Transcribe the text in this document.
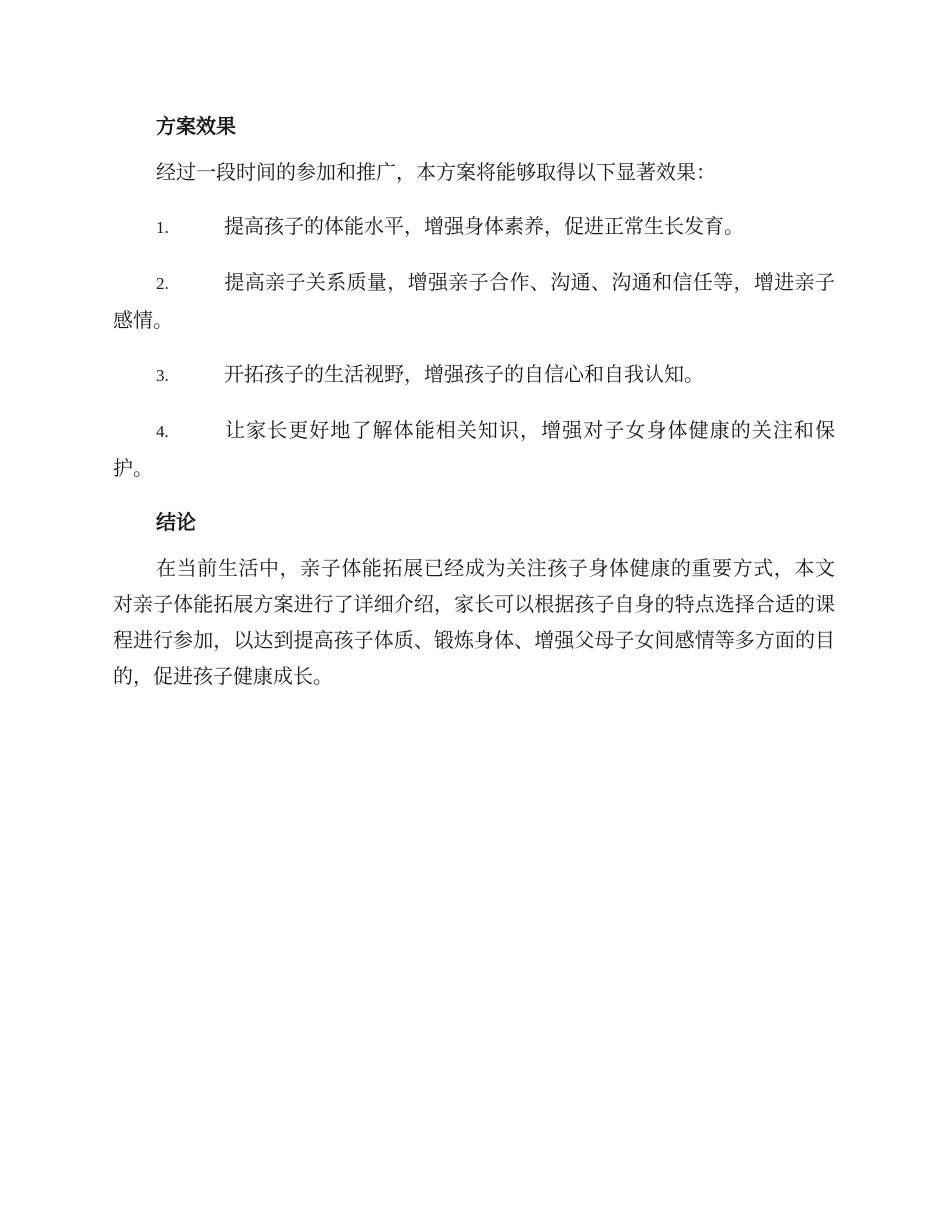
方案效果

经过一段时间的参加和推广，本方案将能够取得以下显著效果：

1.	提高孩子的体能水平，增强身体素养，促进正常生长发育。

2.	提高亲子关系质量，增强亲子合作、沟通、沟通和信任等，增进亲子感情。

3.	开拓孩子的生活视野，增强孩子的自信心和自我认知。

4.	让家长更好地了解体能相关知识，增强对子女身体健康的关注和保护。

结论

在当前生活中，亲子体能拓展已经成为关注孩子身体健康的重要方式，本文对亲子体能拓展方案进行了详细介绍，家长可以根据孩子自身的特点选择合适的课程进行参加，以达到提高孩子体质、锻炼身体、增强父母子女间感情等多方面的目的，促进孩子健康成长。
